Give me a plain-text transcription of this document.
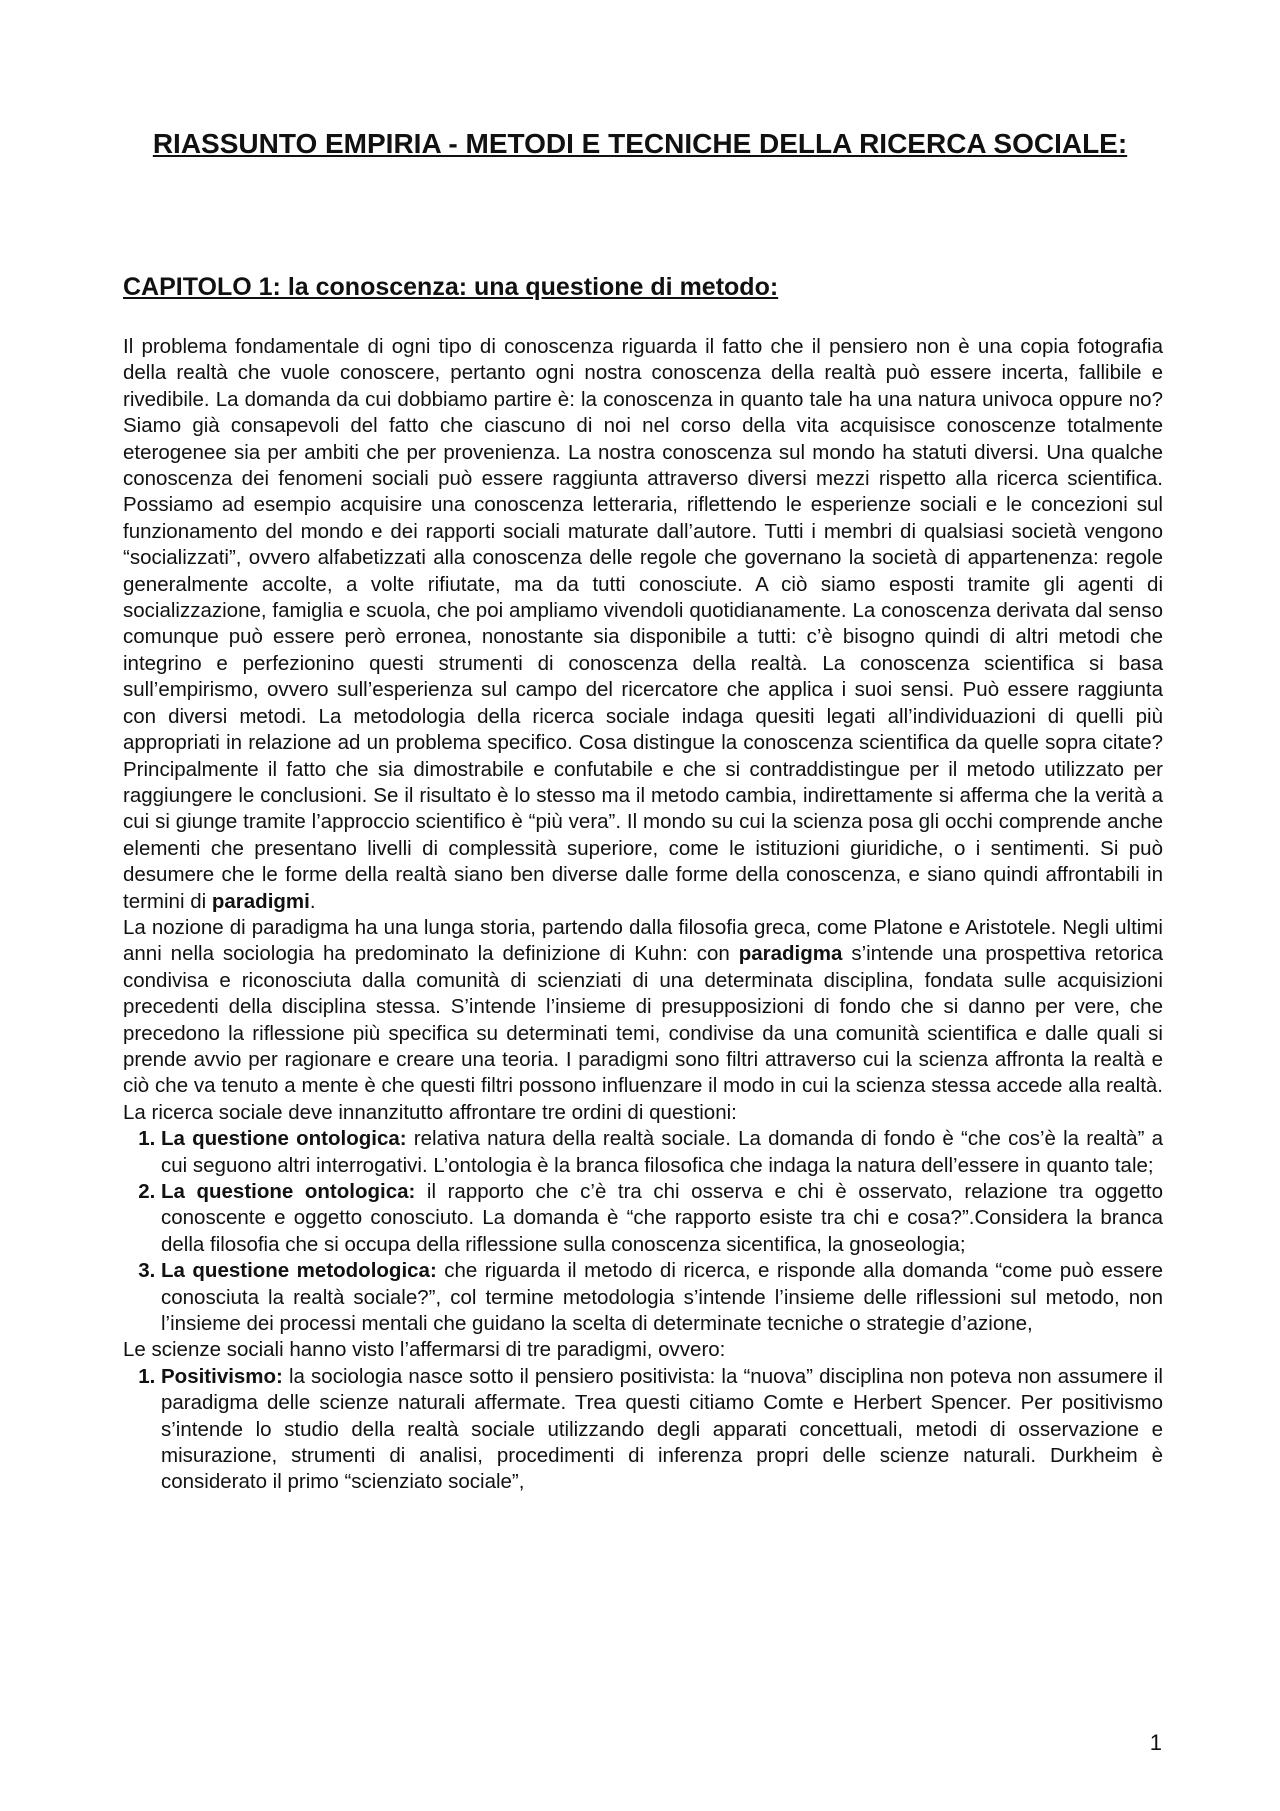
RIASSUNTO EMPIRIA - METODI E TECNICHE DELLA RICERCA SOCIALE:
CAPITOLO 1: la conoscenza: una questione di metodo:

Il problema fondamentale di ogni tipo di conoscenza riguarda il fatto che il pensiero non è una copia fotografia della realtà che vuole conoscere, pertanto ogni nostra conoscenza della realtà può essere incerta, fallibile e rivedibile. La domanda da cui dobbiamo partire è: la conoscenza in quanto tale ha una natura univoca oppure no? Siamo già consapevoli del fatto che ciascuno di noi nel corso della vita acquisisce conoscenze totalmente eterogenee sia per ambiti che per provenienza. La nostra conoscenza sul mondo ha statuti diversi. Una qualche conoscenza dei fenomeni sociali può essere raggiunta attraverso diversi mezzi rispetto alla ricerca scientifica. Possiamo ad esempio acquisire una conoscenza letteraria, riflettendo le esperienze sociali e le concezioni sul funzionamento del mondo e dei rapporti sociali maturate dall’autore. Tutti i membri di qualsiasi società vengono “socializzati”, ovvero alfabetizzati alla conoscenza delle regole che governano la società di appartenenza: regole generalmente accolte, a volte rifiutate, ma da tutti conosciute. A ciò siamo esposti tramite gli agenti di socializzazione, famiglia e scuola, che poi ampliamo vivendoli quotidianamente. La conoscenza derivata dal senso comunque può essere però erronea, nonostante sia disponibile a tutti: c’è bisogno quindi di altri metodi che integrino e perfezionino questi strumenti di conoscenza della realtà. La conoscenza scientifica si basa sull’empirismo, ovvero sull’esperienza sul campo del ricercatore che applica i suoi sensi. Può essere raggiunta con diversi metodi. La metodologia della ricerca sociale indaga quesiti legati all’individuazioni di quelli più appropriati in relazione ad un problema specifico. Cosa distingue la conoscenza scientifica da quelle sopra citate? Principalmente il fatto che sia dimostrabile e confutabile e che si contraddistingue per il metodo utilizzato per raggiungere le conclusioni. Se il risultato è lo stesso ma il metodo cambia, indirettamente si afferma che la verità a cui si giunge tramite l’approccio scientifico è “più vera”. Il mondo su cui la scienza posa gli occhi comprende anche elementi che presentano livelli di complessità superiore, come le istituzioni giuridiche, o i sentimenti. Si può desumere che le forme della realtà siano ben diverse dalle forme della conoscenza, e siano quindi affrontabili in termini di paradigmi.

La nozione di paradigma ha una lunga storia, partendo dalla filosofia greca, come Platone e Aristotele. Negli ultimi anni nella sociologia ha predominato la definizione di Kuhn: con paradigma s’intende una prospettiva retorica condivisa e riconosciuta dalla comunità di scienziati di una determinata disciplina, fondata sulle acquisizioni precedenti della disciplina stessa. S’intende l’insieme di presupposizioni di fondo che si danno per vere, che precedono la riflessione più specifica su determinati temi, condivise da una comunità scientifica e dalle quali si prende avvio per ragionare e creare una teoria. I paradigmi sono filtri attraverso cui la scienza affronta la realtà e ciò che va tenuto a mente è che questi filtri possono influenzare il modo in cui la scienza stessa accede alla realtà. La ricerca sociale deve innanzitutto affrontare tre ordini di questioni:

1. La questione ontologica: relativa natura della realtà sociale. La domanda di fondo è “che cos’è la realtà” a cui seguono altri interrogativi. L’ontologia è la branca filosofica che indaga la natura dell’essere in quanto tale;
2. La questione ontologica: il rapporto che c’è tra chi osserva e chi è osservato, relazione tra oggetto conoscente e oggetto conosciuto. La domanda è “che rapporto esiste tra chi e cosa?”.Considera la branca della filosofia che si occupa della riflessione sulla conoscenza sicentifica, la gnoseologia;
3. La questione metodologica: che riguarda il metodo di ricerca, e risponde alla domanda “come può essere conosciuta la realtà sociale?”, col termine metodologia s’intende l’insieme delle riflessioni sul metodo, non l’insieme dei processi mentali che guidano la scelta di determinate tecniche o strategie d’azione,

Le scienze sociali hanno visto l’affermarsi di tre paradigmi, ovvero:

1. Positivismo: la sociologia nasce sotto il pensiero positivista: la “nuova” disciplina non poteva non assumere il paradigma delle scienze naturali affermate. Trea questi citiamo Comte e Herbert Spencer. Per positivismo s’intende lo studio della realtà sociale utilizzando degli apparati concettuali, metodi di osservazione e misurazione, strumenti di analisi, procedimenti di inferenza propri delle scienze naturali. Durkheim è considerato il primo “scienziato sociale”,
1
